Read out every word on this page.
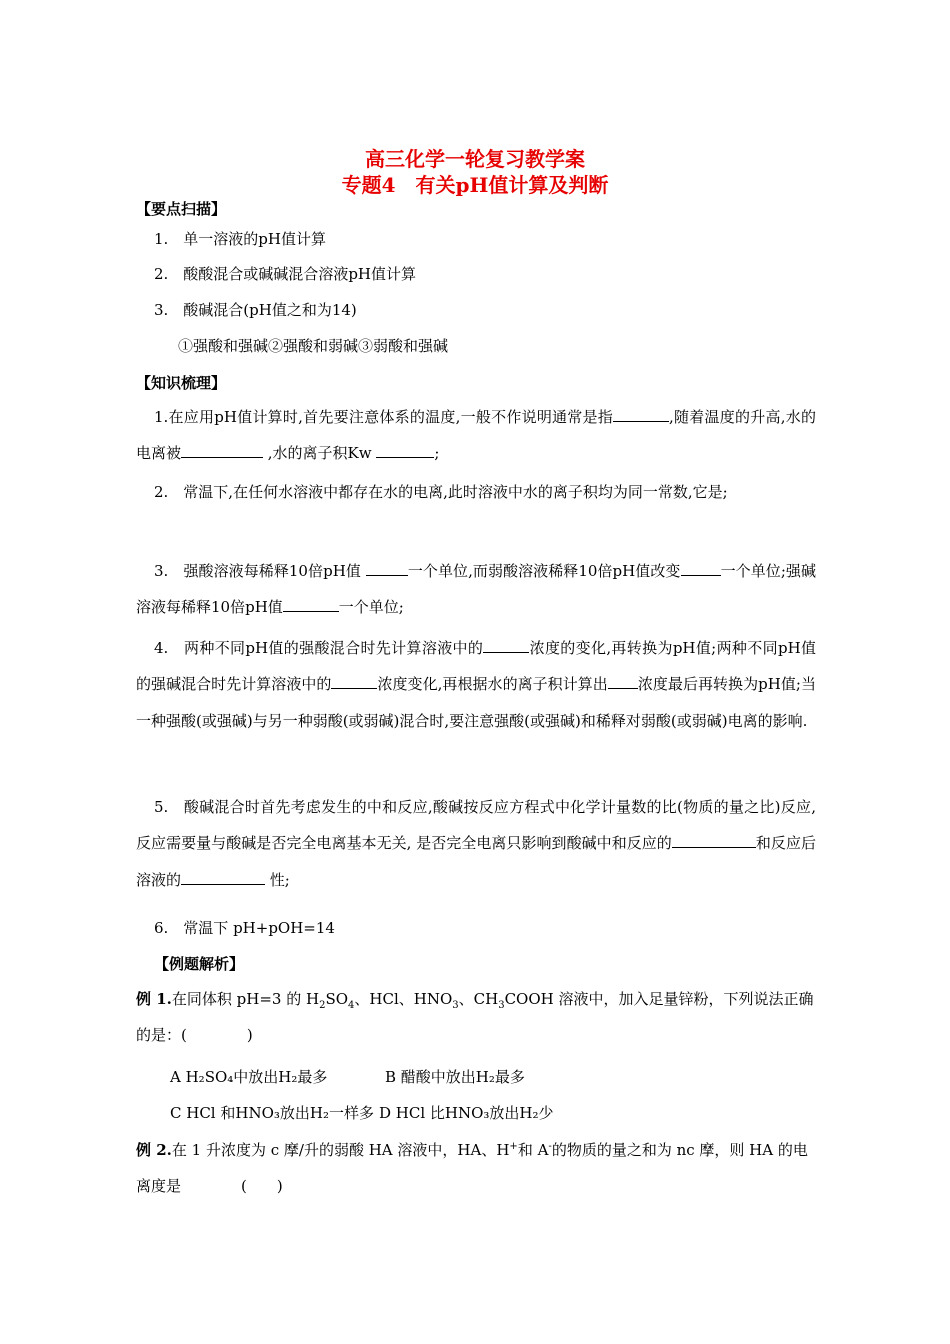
高三化学一轮复习教学案
专题4　有关pH值计算及判断
【要点扫描】
1.　单一溶液的pH值计算
2.　酸酸混合或碱碱混合溶液pH值计算
3.　酸碱混合(pH值之和为14)
①强酸和强碱②强酸和弱碱③弱酸和强碱
【知识梳理】
1.在应用pH值计算时,首先要注意体系的温度,一般不作说明通常是指	,随着温度的升高,水的电离被	,水的离子积Kw	;
2.　常温下,在任何水溶液中都存在水的电离,此时溶液中水的离子积均为同一常数,它是;
3.　强酸溶液每稀释10倍pH值	一个单位,而弱酸溶液稀释10倍pH值改变	一个单位;强碱溶液每稀释10倍pH值	一个单位;
4.　两种不同pH值的强酸混合时先计算溶液中的	浓度的变化,再转换为pH值;两种不同pH值的强碱混合时先计算溶液中的	浓度变化,再根据水的离子积计算出 浓度最后再转换为pH值;当一种强酸(或强碱)与另一种弱酸(或弱碱)混合时,要注意强酸(或强碱)和稀释对弱酸(或弱碱)电离的影响.
5.　酸碱混合时首先考虑发生的中和反应,酸碱按反应方程式中化学计量数的比(物质的量之比)反应,反应需要量与酸碱是否完全电离基本无关, 是否完全电离只影响到酸碱中和反应的	和反应后溶液的	性;
6.　常温下 pH+pOH=14
【例题解析】
例 1.在同体积 pH=3 的 $H_2SO_4$、HCl、$HNO_3$、$CH_3COOH$ 溶液中，加入足量锌粉，下列说法正确的是：(　　　　)
A H₂SO₄中放出H₂最多	B 醋酸中放出H₂最多
C HCl 和HNO₃放出H₂一样多 D HCl 比HNO₃放出H₂少
例 2.在 1 升浓度为 c 摩/升的弱酸 HA 溶液中，HA、H+和 A-的物质的量之和为 nc 摩，则 HA 的电离度是　　　　(　　)
